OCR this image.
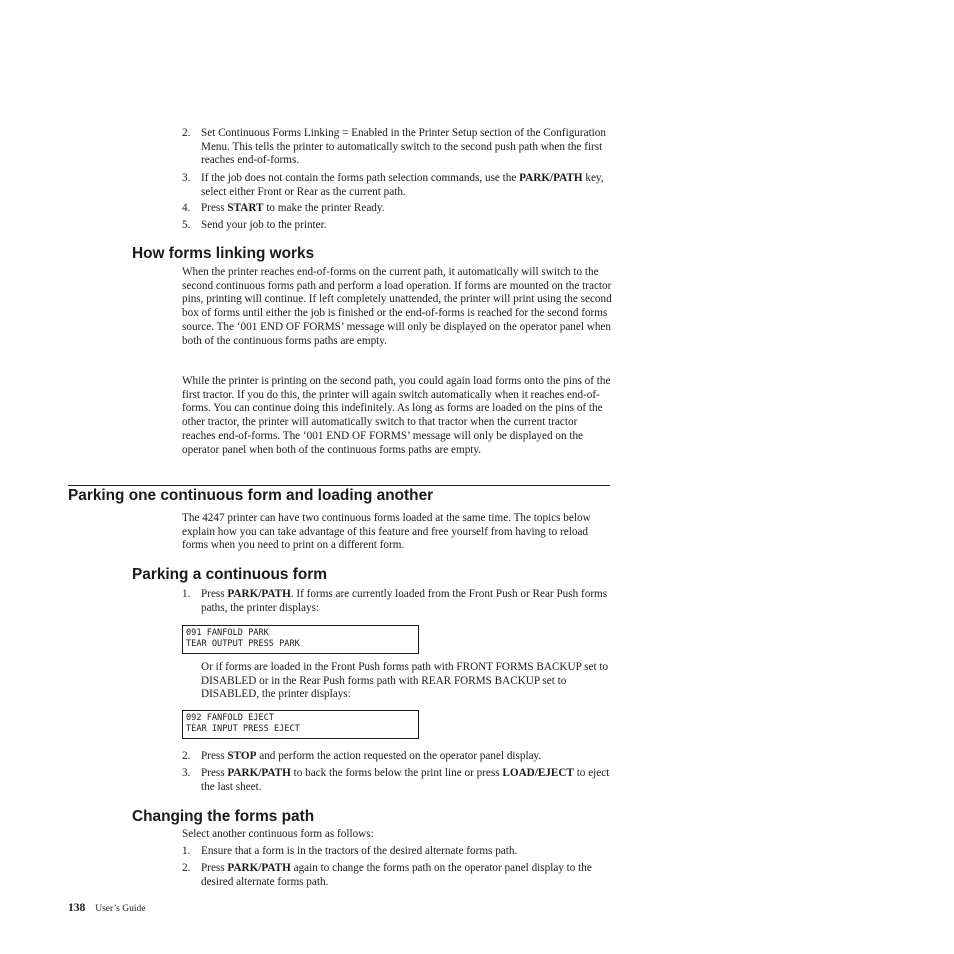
2. Set Continuous Forms Linking = Enabled in the Printer Setup section of the Configuration Menu. This tells the printer to automatically switch to the second push path when the first reaches end-of-forms.
3. If the job does not contain the forms path selection commands, use the PARK/PATH key, select either Front or Rear as the current path.
4. Press START to make the printer Ready.
5. Send your job to the printer.
How forms linking works
When the printer reaches end-of-forms on the current path, it automatically will switch to the second continuous forms path and perform a load operation. If forms are mounted on the tractor pins, printing will continue. If left completely unattended, the printer will print using the second box of forms until either the job is finished or the end-of-forms is reached for the second forms source. The ‘001 END OF FORMS’ message will only be displayed on the operator panel when both of the continuous forms paths are empty.
While the printer is printing on the second path, you could again load forms onto the pins of the first tractor. If you do this, the printer will again switch automatically when it reaches end-of-forms. You can continue doing this indefinitely. As long as forms are loaded on the pins of the other tractor, the printer will automatically switch to that tractor when the current tractor reaches end-of-forms. The ‘001 END OF FORMS’ message will only be displayed on the operator panel when both of the continuous forms paths are empty.
Parking one continuous form and loading another
The 4247 printer can have two continuous forms loaded at the same time. The topics below explain how you can take advantage of this feature and free yourself from having to reload forms when you need to print on a different form.
Parking a continuous form
1. Press PARK/PATH. If forms are currently loaded from the Front Push or Rear Push forms paths, the printer displays:
091 FANFOLD PARK
TEAR OUTPUT PRESS PARK
Or if forms are loaded in the Front Push forms path with FRONT FORMS BACKUP set to DISABLED or in the Rear Push forms path with REAR FORMS BACKUP set to DISABLED, the printer displays:
092 FANFOLD EJECT
TEAR INPUT PRESS EJECT
2. Press STOP and perform the action requested on the operator panel display.
3. Press PARK/PATH to back the forms below the print line or press LOAD/EJECT to eject the last sheet.
Changing the forms path
Select another continuous form as follows:
1. Ensure that a form is in the tractors of the desired alternate forms path.
2. Press PARK/PATH again to change the forms path on the operator panel display to the desired alternate forms path.
138 User’s Guide
